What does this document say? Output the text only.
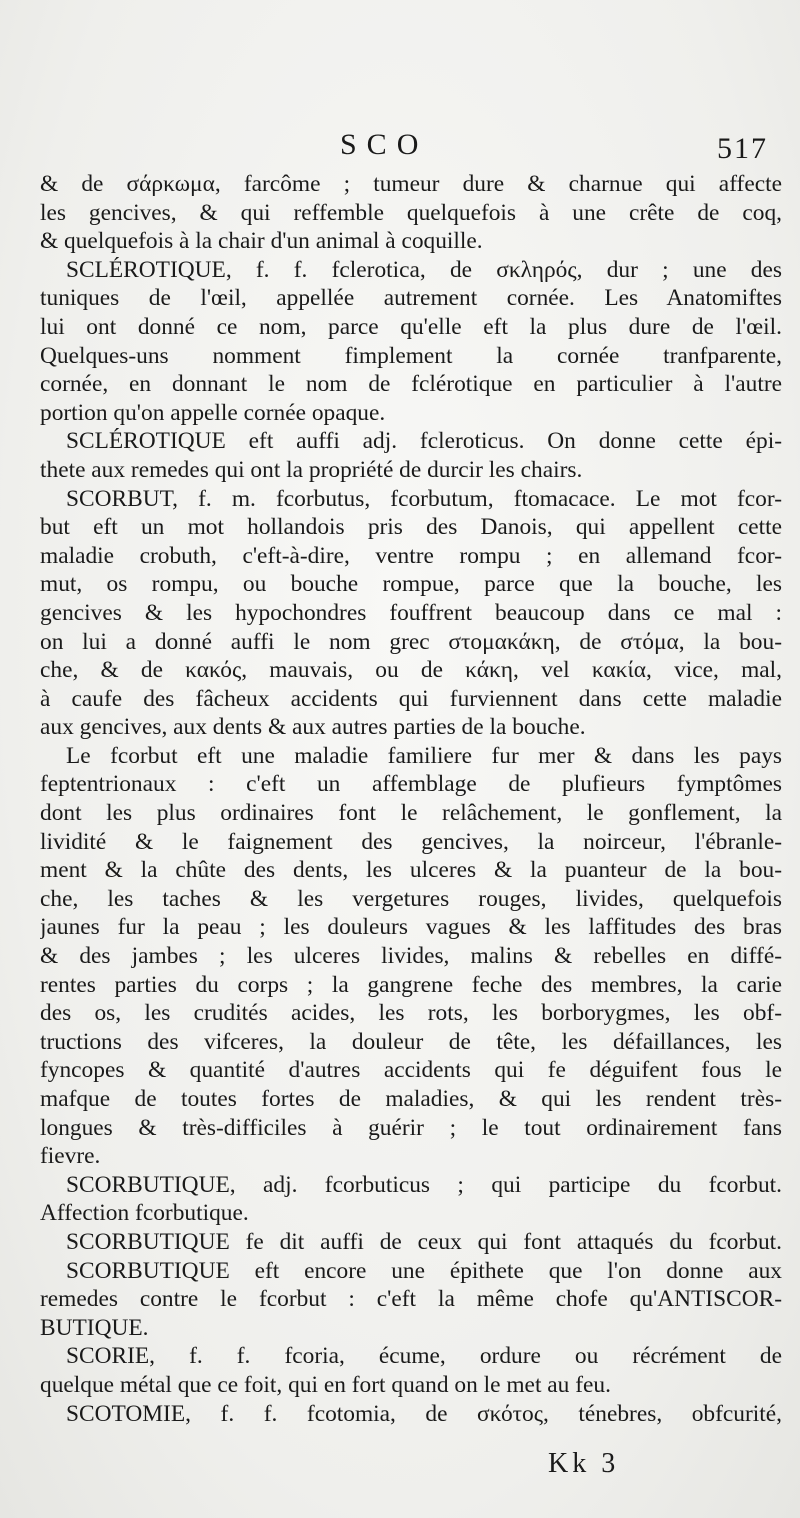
SCO	517
& de σάρκωμα, farcôme ; tumeur dure & charnue qui affecte
les gencives, & qui reffemble quelquefois à une crête de coq,
& quelquefois à la chair d'un animal à coquille.
SCLÉROTIQUE, f. f. fclerotica, de σκληρός, dur ; une des
tuniques de l'œil, appellée autrement cornée. Les Anatomiftes
lui ont donné ce nom, parce qu'elle eft la plus dure de l'œil.
Quelques-uns nomment fimplement la cornée tranfparente,
cornée, en donnant le nom de fclérotique en particulier à l'autre
portion qu'on appelle cornée opaque.
SCLÉROTIQUE eft auffi adj. fcleroticus. On donne cette épi-
thete aux remedes qui ont la propriété de durcir les chairs.
SCORBUT, f. m. fcorbutus, fcorbutum, ftomacace. Le mot fcor-
but eft un mot hollandois pris des Danois, qui appellent cette
maladie crobuth, c'eft-à-dire, ventre rompu ; en allemand fcor-
mut, os rompu, ou bouche rompue, parce que la bouche, les
gencives & les hypochondres fouffrent beaucoup dans ce mal :
on lui a donné auffi le nom grec στομακάκη, de στόμα, la bou-
che, & de κακός, mauvais, ou de κάκη, vel κακία, vice, mal,
à caufe des fâcheux accidents qui furviennent dans cette maladie
aux gencives, aux dents & aux autres parties de la bouche.
Le fcorbut eft une maladie familiere fur mer & dans les pays
feptentrionaux : c'eft un affemblage de plufieurs fymptômes
dont les plus ordinaires font le relâchement, le gonflement, la
lividité & le faignement des gencives, la noirceur, l'ébranle-
ment & la chûte des dents, les ulceres & la puanteur de la bou-
che, les taches & les vergetures rouges, livides, quelquefois
jaunes fur la peau ; les douleurs vagues & les laffitudes des bras
& des jambes ; les ulceres livides, malins & rebelles en diffé-
rentes parties du corps ; la gangrene feche des membres, la carie
des os, les crudités acides, les rots, les borborygmes, les obf-
tructions des vifceres, la douleur de tête, les défaillances, les
fyncopes & quantité d'autres accidents qui fe déguifent fous le
mafque de toutes fortes de maladies, & qui les rendent très-
longues & très-difficiles à guérir ; le tout ordinairement fans
fievre.
SCORBUTIQUE, adj. fcorbuticus ; qui participe du fcorbut.
Affection fcorbutique.
SCORBUTIQUE fe dit auffi de ceux qui font attaqués du fcorbut.
SCORBUTIQUE eft encore une épithete que l'on donne aux
remedes contre le fcorbut : c'eft la même chofe qu'ANTISCOR-
BUTIQUE.
SCORIE, f. f. fcoria, écume, ordure ou récrément de
quelque métal que ce foit, qui en fort quand on le met au feu.
SCOTOMIE, f. f. fcotomia, de σκότος, ténebres, obfcurité,
Kk 3
